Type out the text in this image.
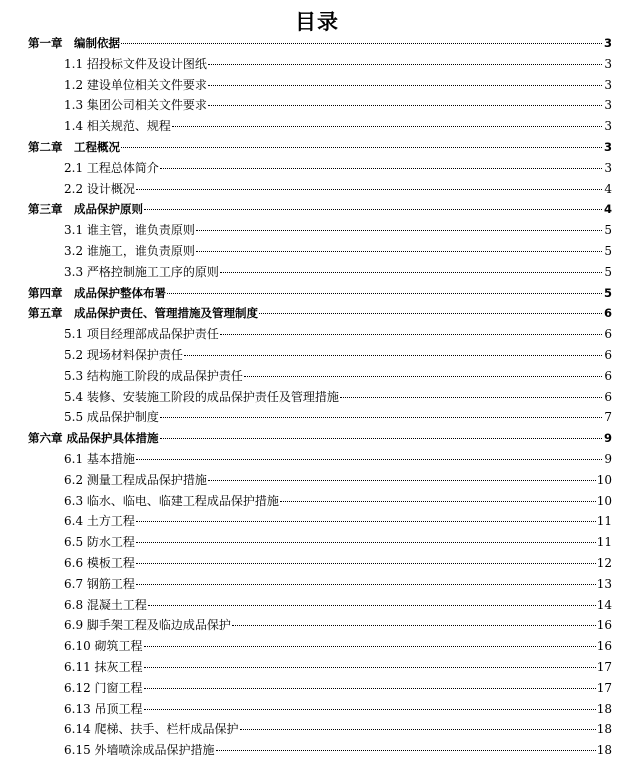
目录
第一章　编制依据	3
1.1 招投标文件及设计图纸	3
1.2 建设单位相关文件要求	3
1.3 集团公司相关文件要求	3
1.4 相关规范、规程	3
第二章　工程概况	3
2.1 工程总体简介	3
2.2 设计概况	4
第三章　成品保护原则	4
3.1 谁主管，谁负责原则	5
3.2 谁施工，谁负责原则	5
3.3 严格控制施工工序的原则	5
第四章　成品保护整体布署	5
第五章　成品保护责任、管理措施及管理制度	6
5.1 项目经理部成品保护责任	6
5.2 现场材料保护责任	6
5.3 结构施工阶段的成品保护责任	6
5.4 装修、安装施工阶段的成品保护责任及管理措施	6
5.5 成品保护制度	7
第六章 成品保护具体措施	9
6.1 基本措施	9
6.2 测量工程成品保护措施	10
6.3 临水、临电、临建工程成品保护措施	10
6.4 土方工程	11
6.5 防水工程	11
6.6 模板工程	12
6.7 钢筋工程	13
6.8 混凝土工程	14
6.9 脚手架工程及临边成品保护	16
6.10 砌筑工程	16
6.11 抹灰工程	17
6.12 门窗工程	17
6.13 吊顶工程	18
6.14 爬梯、扶手、栏杆成品保护	18
6.15 外墙喷涂成品保护措施	18
